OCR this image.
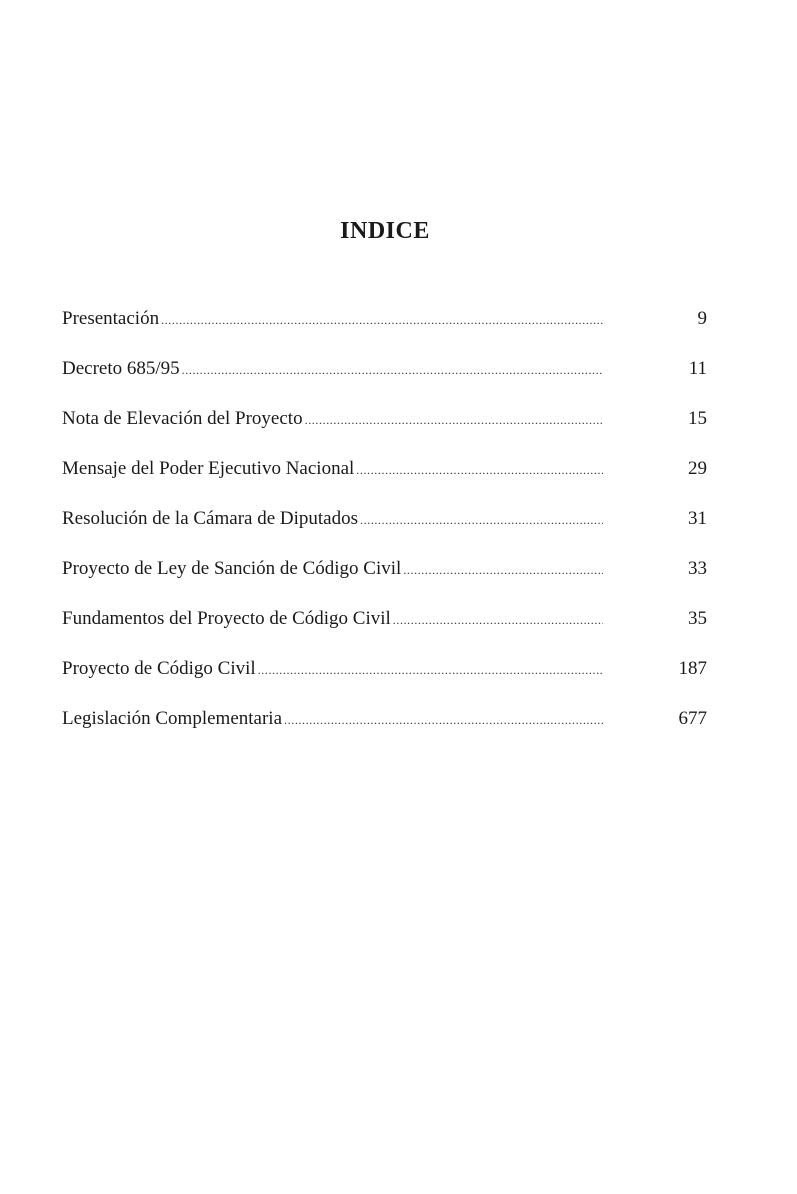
INDICE
Presentación .....	9
Decreto 685/95 .....	11
Nota de Elevación del Proyecto .....	15
Mensaje del Poder Ejecutivo Nacional .....	29
Resolución de la Cámara de Diputados .....	31
Proyecto de Ley de Sanción de Código Civil .....	33
Fundamentos del Proyecto de Código Civil .....	35
Proyecto de Código Civil .....	187
Legislación Complementaria .....	677
